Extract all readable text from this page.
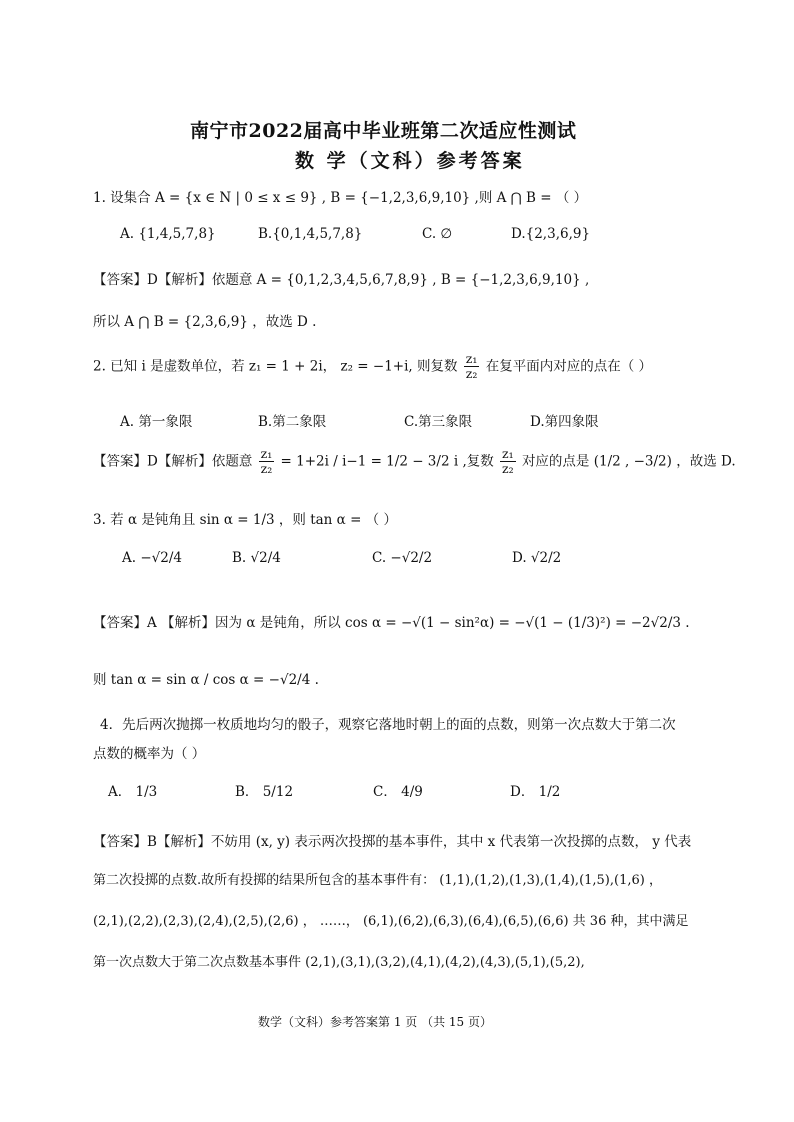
南宁市2022届高中毕业班第二次适应性测试
数 学（文科）参考答案
1. 设集合 A = {x ∈ N | 0 ≤ x ≤ 9} , B = {−1,2,3,6,9,10} ,则 A ⋂ B = （ ）
A. {1,4,5,7,8}	B.{0,1,4,5,7,8}	C. ∅	D.{2,3,6,9}
【答案】D【解析】依题意 A = {0,1,2,3,4,5,6,7,8,9} , B = {−1,2,3,6,9,10} ,
所以 A ⋂ B = {2,3,6,9} ，故选 D .
2. 已知 i 是虚数单位，若 z₁ = 1 + 2i， z₂ = −1+i, 则复数 $\frac{\text{z₁}}{\text{z₂}}$ 在复平面内对应的点在（ ）
A. 第一象限	B.第二象限	C.第三象限	D.第四象限
【答案】D【解析】依题意 $\frac{\text{z₁}}{\text{z₂}} = 1+2i / i-1 = 1/2 - 3/2$ i ,复数 $\frac{\text{z₁}}{\text{z₂}}$ 对应的点是 (1/2 , −3/2) ，故选 D.
3. 若 α 是钝角且 sin α = 1/3 ，则 tan α = （ ）
A. −√2/4	B. √2/4	C. −√2/2	D. √2/2
【答案】A 【解析】因为 α 是钝角，所以 cos α = −√(1 − sin²α) = −√(1 − (1/3)²) = −2√2/3 .
则 tan α = sin α / cos α = −√2/4 .
4．先后两次抛掷一枚质地均匀的骰子，观察它落地时朝上的面的点数，则第一次点数大于第二次
点数的概率为（ ）
A． 1/3	B． 5/12	C． 4/9	D． 1/2
【答案】B【解析】不妨用 (x, y) 表示两次投掷的基本事件，其中 x 代表第一次投掷的点数， y 代表
第二次投掷的点数.故所有投掷的结果所包含的基本事件有： (1,1),(1,2),(1,3),(1,4),(1,5),(1,6) ，
(2,1),(2,2),(2,3),(2,4),(2,5),(2,6) ， ……， (6,1),(6,2),(6,3),(6,4),(6,5),(6,6) 共 36 种，其中满足
第一次点数大于第二次点数基本事件 (2,1),(3,1),(3,2),(4,1),(4,2),(4,3),(5,1),(5,2),
数学（文科）参考答案第 1 页 （共 15 页）
